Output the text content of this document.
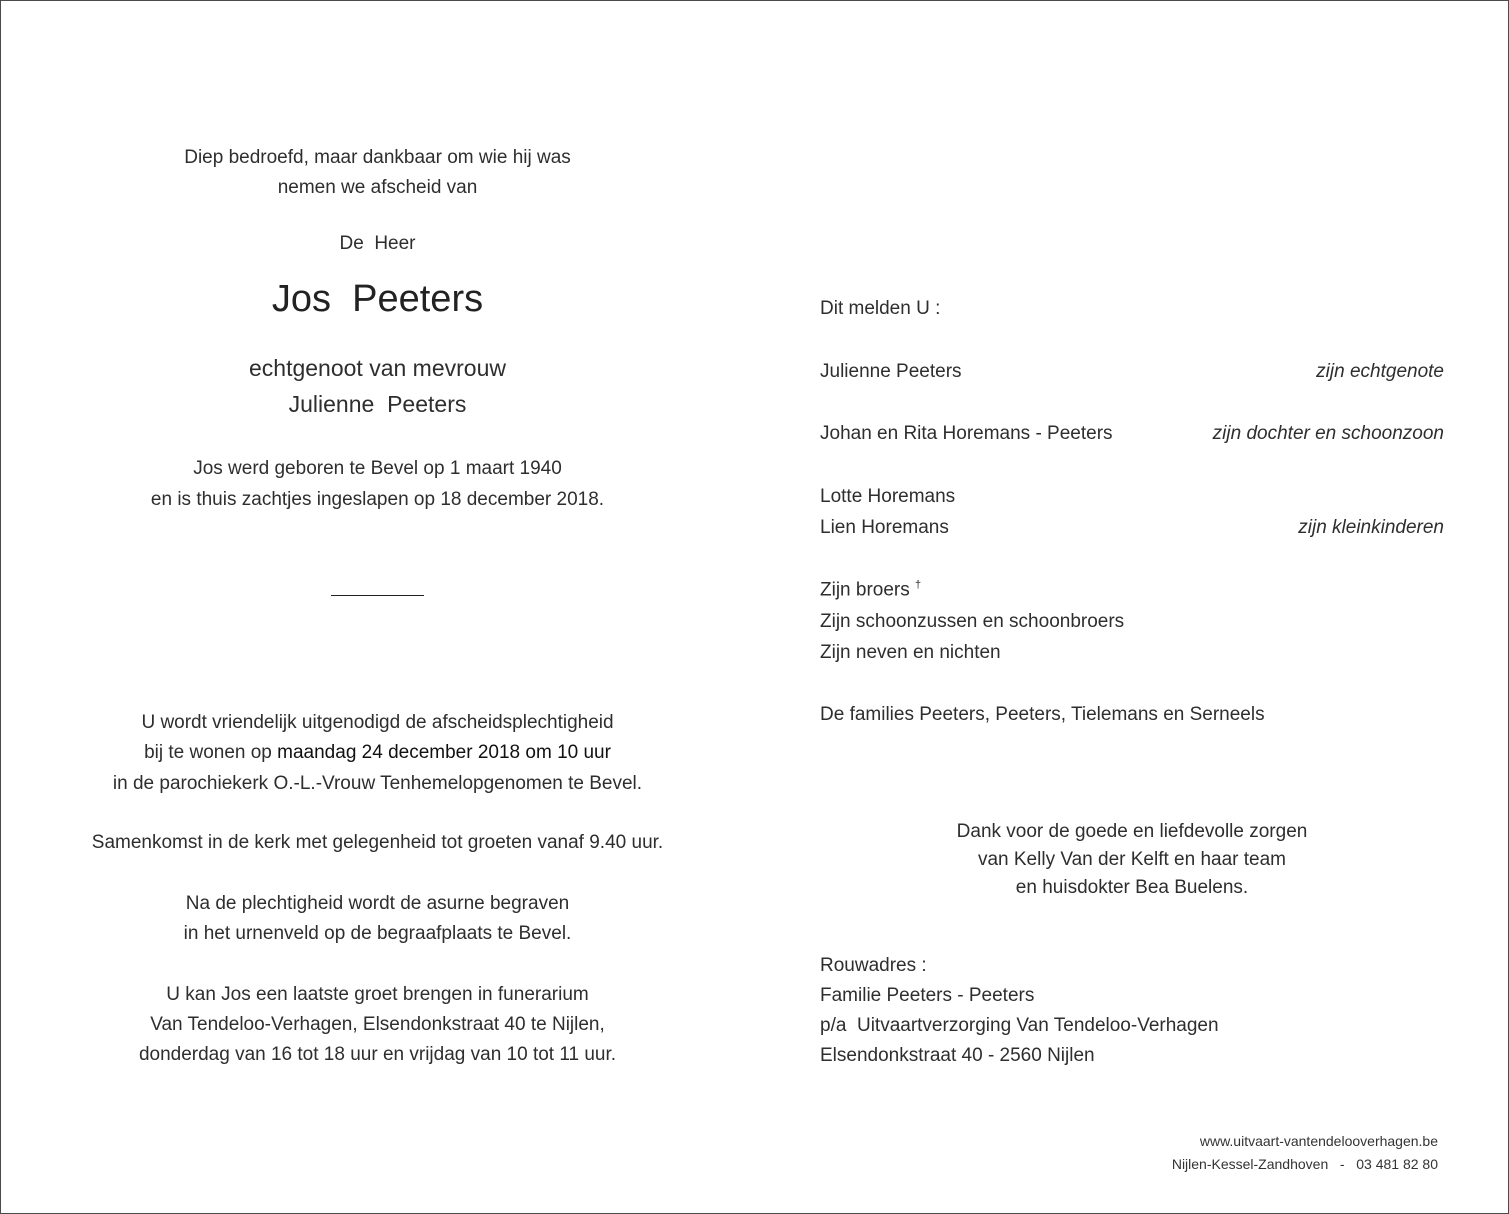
Diep bedroefd, maar dankbaar om wie hij was
nemen we afscheid van
De  Heer
Jos  Peeters
echtgenoot van mevrouw
Julienne  Peeters
Jos werd geboren te Bevel op 1 maart 1940
en is thuis zachtjes ingeslapen op 18 december 2018.
U wordt vriendelijk uitgenodigd de afscheidsplechtigheid
bij te wonen op maandag 24 december 2018 om 10 uur
in de parochiekerk O.-L.-Vrouw Tenhemelopgenomen te Bevel.
Samenkomst in de kerk met gelegenheid tot groeten vanaf 9.40 uur.
Na de plechtigheid wordt de asurne begraven
in het urnenveld op de begraafplaats te Bevel.
U kan Jos een laatste groet brengen in funerarium
Van Tendeloo-Verhagen, Elsendonkstraat 40 te Nijlen,
donderdag van 16 tot 18 uur en vrijdag van 10 tot 11 uur.
Dit melden U :
Julienne Peeters	zijn echtgenote
Johan en Rita Horemans - Peeters	zijn dochter en schoonzoon
Lotte Horemans
Lien Horemans	zijn kleinkinderen
Zijn broers †
Zijn schoonzussen en schoonbroers
Zijn neven en nichten
De families Peeters, Peeters, Tielemans en Serneels
Dank voor de goede en liefdevolle zorgen
van Kelly Van der Kelft en haar team
en huisdokter Bea Buelens.
Rouwadres :
Familie Peeters - Peeters
p/a  Uitvaartverzorging Van Tendeloo-Verhagen
Elsendonkstraat 40 - 2560 Nijlen
www.uitvaart-vantendelooverhagen.be
Nijlen-Kessel-Zandhoven   -   03 481 82 80
